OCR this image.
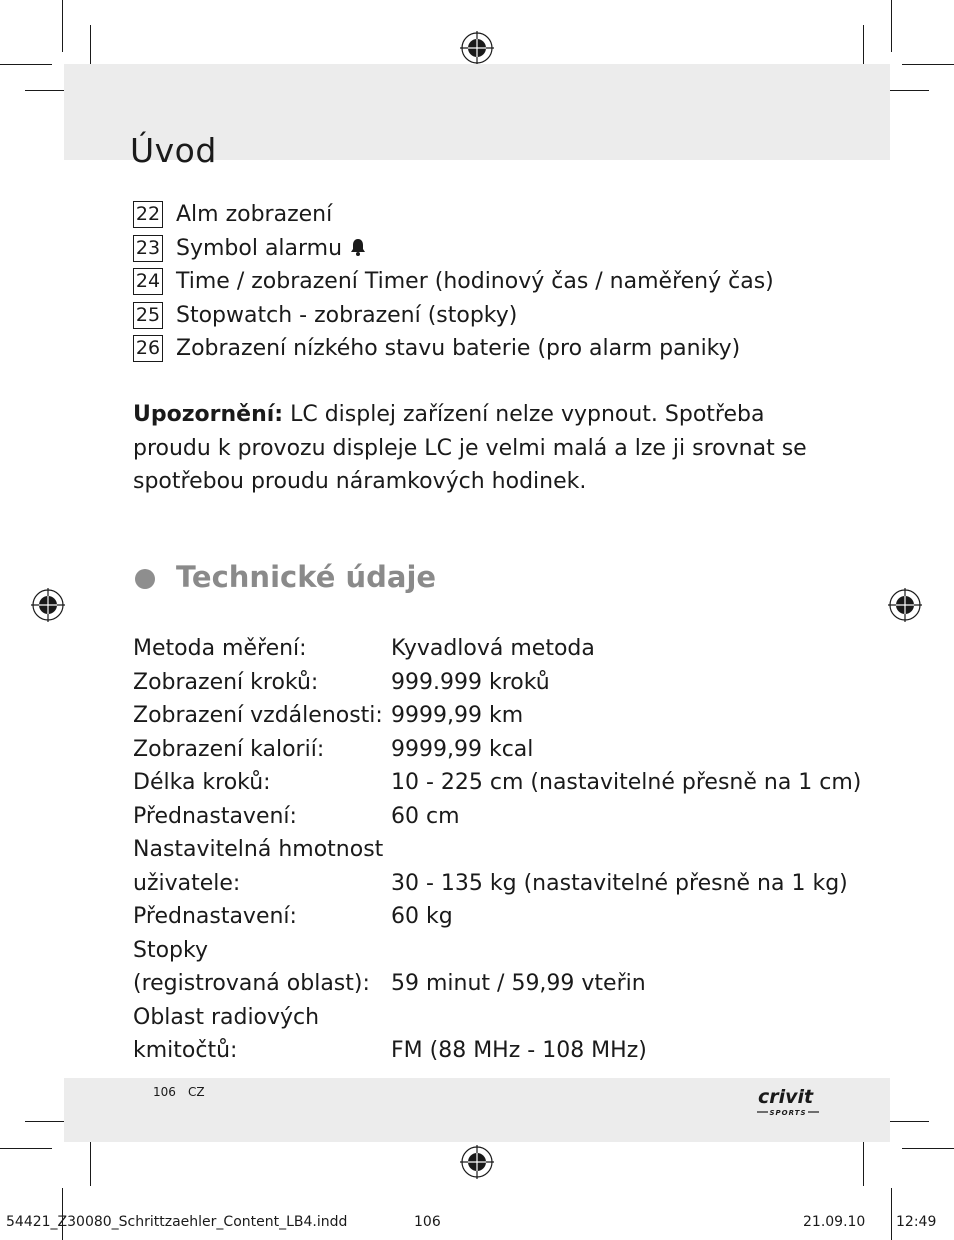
Úvod
22 Alm zobrazení
23 Symbol alarmu
24 Time / zobrazení Timer (hodinový čas / naměřený čas)
25 Stopwatch - zobrazení (stopky)
26 Zobrazení nízkého stavu baterie (pro alarm paniky)

Upozornění: LC displej zařízení nelze vypnout. Spotřeba proudu k provozu displeje LC je velmi malá a lze ji srovnat se spotřebou proudu náramkových hodinek.

Technické údaje
Metoda měření:	Kyvadlová metoda
Zobrazení kroků:	999.999 kroků
Zobrazení vzdálenosti: 9999,99 km
Zobrazení kalorií:	9999,99 kcal
Délka kroků:	10 - 225 cm (nastavitelné přesně na 1 cm)
Přednastavení:	60 cm
Nastavitelná hmotnost
uživatele:	30 - 135 kg (nastavitelné přesně na 1 kg)
Přednastavení:	60 kg
Stopky
(registrovaná oblast): 59 minut / 59,99 vteřin
Oblast radiových
kmitočtů:	FM (88 MHz - 108 MHz)
106 CZ	crivit
SPORTS
54421_Z30080_Schrittzaehler_Content_LB4.indd	106	21.09.10 12:49
